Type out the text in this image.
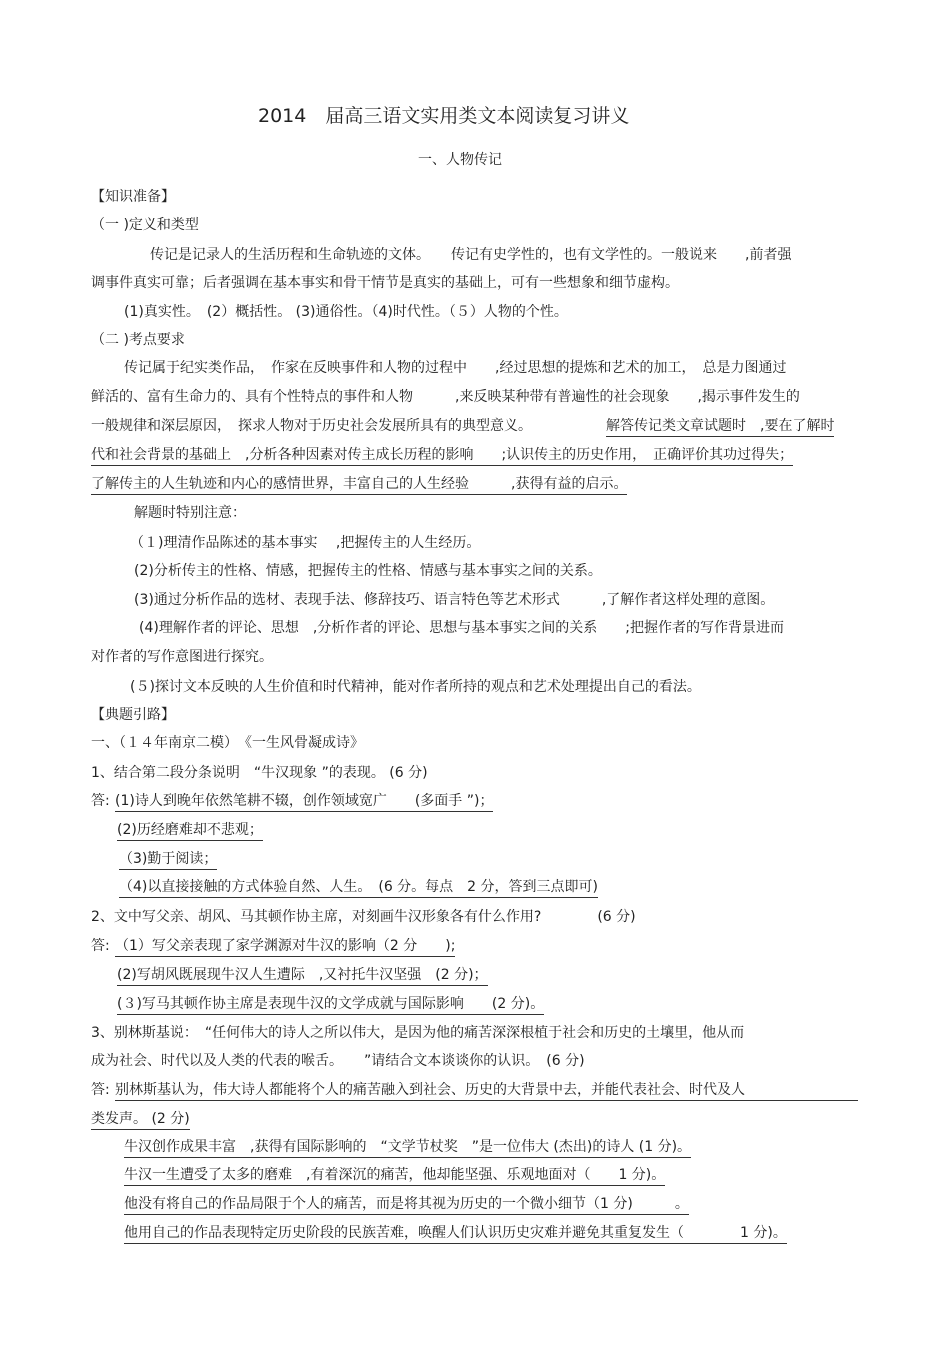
2014　届高三语文实用类文本阅读复习讲义
一、人物传记
【知识准备】
（一 )定义和类型
传记是记录人的生活历程和生命轨迹的文体。　　传记有史学性的，也有文学性的。一般说来　　,前者强
调事件真实可靠；后者强调在基本事实和骨干情节是真实的基础上，可有一些想象和细节虚构。
(1)真实性。　(2）概括性。 (3)通俗性。（4)时代性。（５）人物的个性。
（二 )考点要求
传记属于纪实类作品，　作家在反映事件和人物的过程中　　,经过思想的提炼和艺术的加工，　总是力图通过
鲜活的、富有生命力的、具有个性特点的事件和人物　　　,来反映某种带有普遍性的社会现象　　,揭示事件发生的
一般规律和深层原因，　探求人物对于历史社会发展所具有的典型意义。	解答传记类文章试题时　,要在了解时
代和社会背景的基础上　,分析各种因素对传主成长历程的影响　　;认识传主的历史作用，　正确评价其功过得失；
了解传主的人生轨迹和内心的感情世界，丰富自己的人生经验　　　,获得有益的启示。
解题时特别注意：
（１)理清作品陈述的基本事实　 ,把握传主的人生经历。
(2)分析传主的性格、情感，把握传主的性格、情感与基本事实之间的关系。
(3)通过分析作品的选材、表现手法、修辞技巧、语言特色等艺术形式　　　,了解作者这样处理的意图。
(4)理解作者的评论、思想　,分析作者的评论、思想与基本事实之间的关系　　;把握作者的写作背景进而
对作者的写作意图进行探究。
(５)探讨文本反映的人生价值和时代精神，能对作者所持的观点和艺术处理提出自己的看法。
【典题引路】
一、（１４年南京二模）　《一生风骨凝成诗》
1、结合第二段分条说明　“牛汉现象 ”的表现。 (6 分)
答: (1)诗人到晚年依然笔耕不辍，创作领域宽广　　(多面手 ”)；
(2)历经磨难却不悲观；
（3)勤于阅读；
（4)以直接接触的方式体验自然、人生。　(6 分。每点　2 分，答到三点即可)
2、文中写父亲、胡风、马其顿作协主席，对刻画牛汉形象各有什么作用?　　　　(6 分)
答: （1）写父亲表现了家学渊源对牛汉的影响（2 分　　);
(2)写胡风既展现牛汉人生遭际　,又衬托牛汉坚强　(2 分)；
(３)写马其顿作协主席是表现牛汉的文学成就与国际影响　　(2 分)。
3、别林斯基说：　“任何伟大的诗人之所以伟大，是因为他的痛苦深深根植于社会和历史的土壤里，他从而
成为社会、时代以及人类的代表的喉舌。　　”请结合文本谈谈你的认识。　(6 分)
答: 别林斯基认为，伟大诗人都能将个人的痛苦融入到社会、历史的大背景中去，并能代表社会、时代及人
类发声。 (2 分)
牛汉创作成果丰富　,获得有国际影响的　“文学节杖奖　”是一位伟大 (杰出)的诗人 (1 分)。
牛汉一生遭受了太多的磨难　,有着深沉的痛苦，他却能坚强、乐观地面对（　　1 分)。
他没有将自己的作品局限于个人的痛苦，而是将其视为历史的一个微小细节（1 分)　　　。
他用自己的作品表现特定历史阶段的民族苦难，唤醒人们认识历史灾难并避免其重复发生（　　　　1 分)。
